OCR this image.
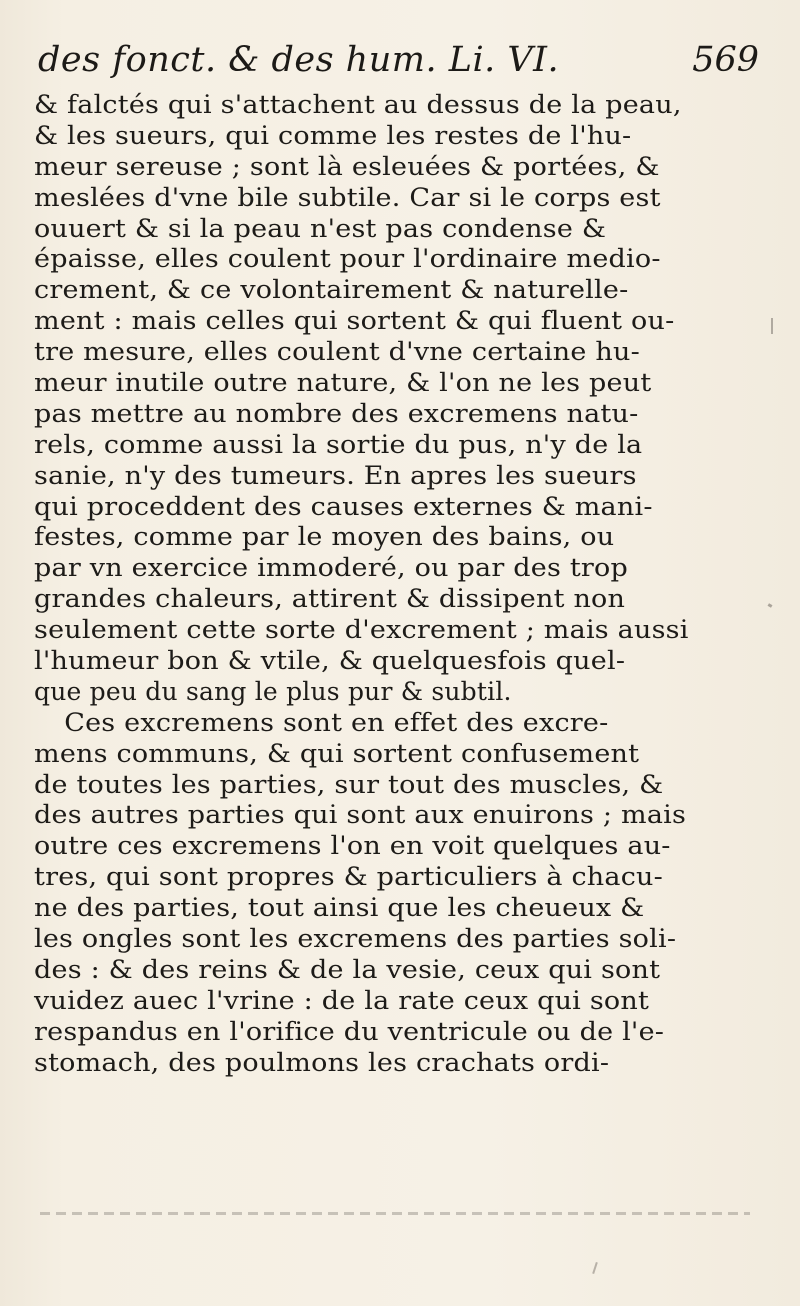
des fonct. & des hum. Li. VI.	569
& falctés qui s'attachent au dessus de la peau,
& les sueurs, qui comme les restes de l'hu-
meur sereuse ; sont là esleuées & portées, &
meslées d'vne bile subtile. Car si le corps est
ouuert & si la peau n'est pas condense &
épaisse, elles coulent pour l'ordinaire medio-
crement, & ce volontairement & naturelle-
ment : mais celles qui sortent & qui fluent ou-
tre mesure, elles coulent d'vne certaine hu-
meur inutile outre nature, & l'on ne les peut
pas mettre au nombre des excremens natu-
rels, comme aussi la sortie du pus, n'y de la
sanie, n'y des tumeurs. En apres les sueurs
qui proceddent des causes externes & mani-
festes, comme par le moyen des bains, ou
par vn exercice immoderé, ou par des trop
grandes chaleurs, attirent & dissipent non
seulement cette sorte d'excrement ; mais aussi
l'humeur bon & vtile, & quelquesfois quel-
que peu du sang le plus pur & subtil.
Ces excremens sont en effet des excre-
mens communs, & qui sortent confusement
de toutes les parties, sur tout des muscles, &
des autres parties qui sont aux enuirons ; mais
outre ces excremens l'on en voit quelques au-
tres, qui sont propres & particuliers à chacu-
ne des parties, tout ainsi que les cheueux &
les ongles sont les excremens des parties soli-
des : & des reins & de la vesie, ceux qui sont
vuidez auec l'vrine : de la rate ceux qui sont
respandus en l'orifice du ventricule ou de l'e-
stomach, des poulmons les crachats ordi-
